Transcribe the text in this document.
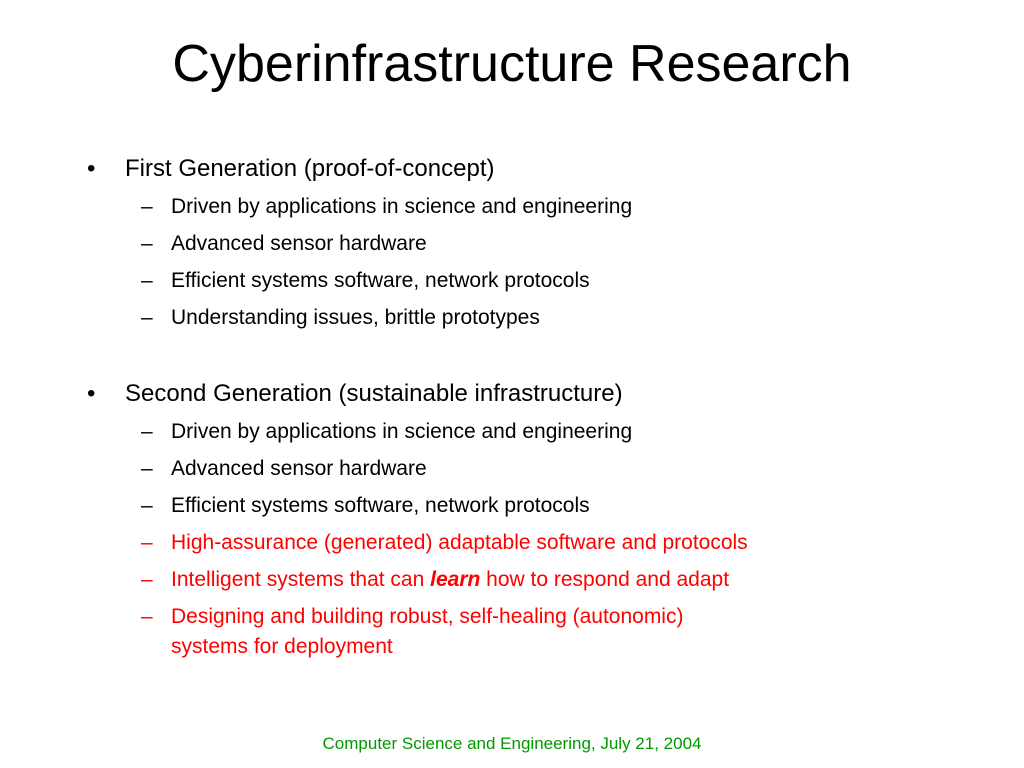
Cyberinfrastructure Research
• First Generation (proof-of-concept)
– Driven by applications in science and engineering
– Advanced sensor hardware
– Efficient systems software, network protocols
– Understanding issues, brittle prototypes
• Second Generation (sustainable infrastructure)
– Driven by applications in science and engineering
– Advanced sensor hardware
– Efficient systems software, network protocols
– High-assurance (generated) adaptable software and protocols
– Intelligent systems that can learn how to respond and adapt
– Designing and building robust, self-healing (autonomic)
systems for deployment
Computer Science and Engineering, July 21, 2004
